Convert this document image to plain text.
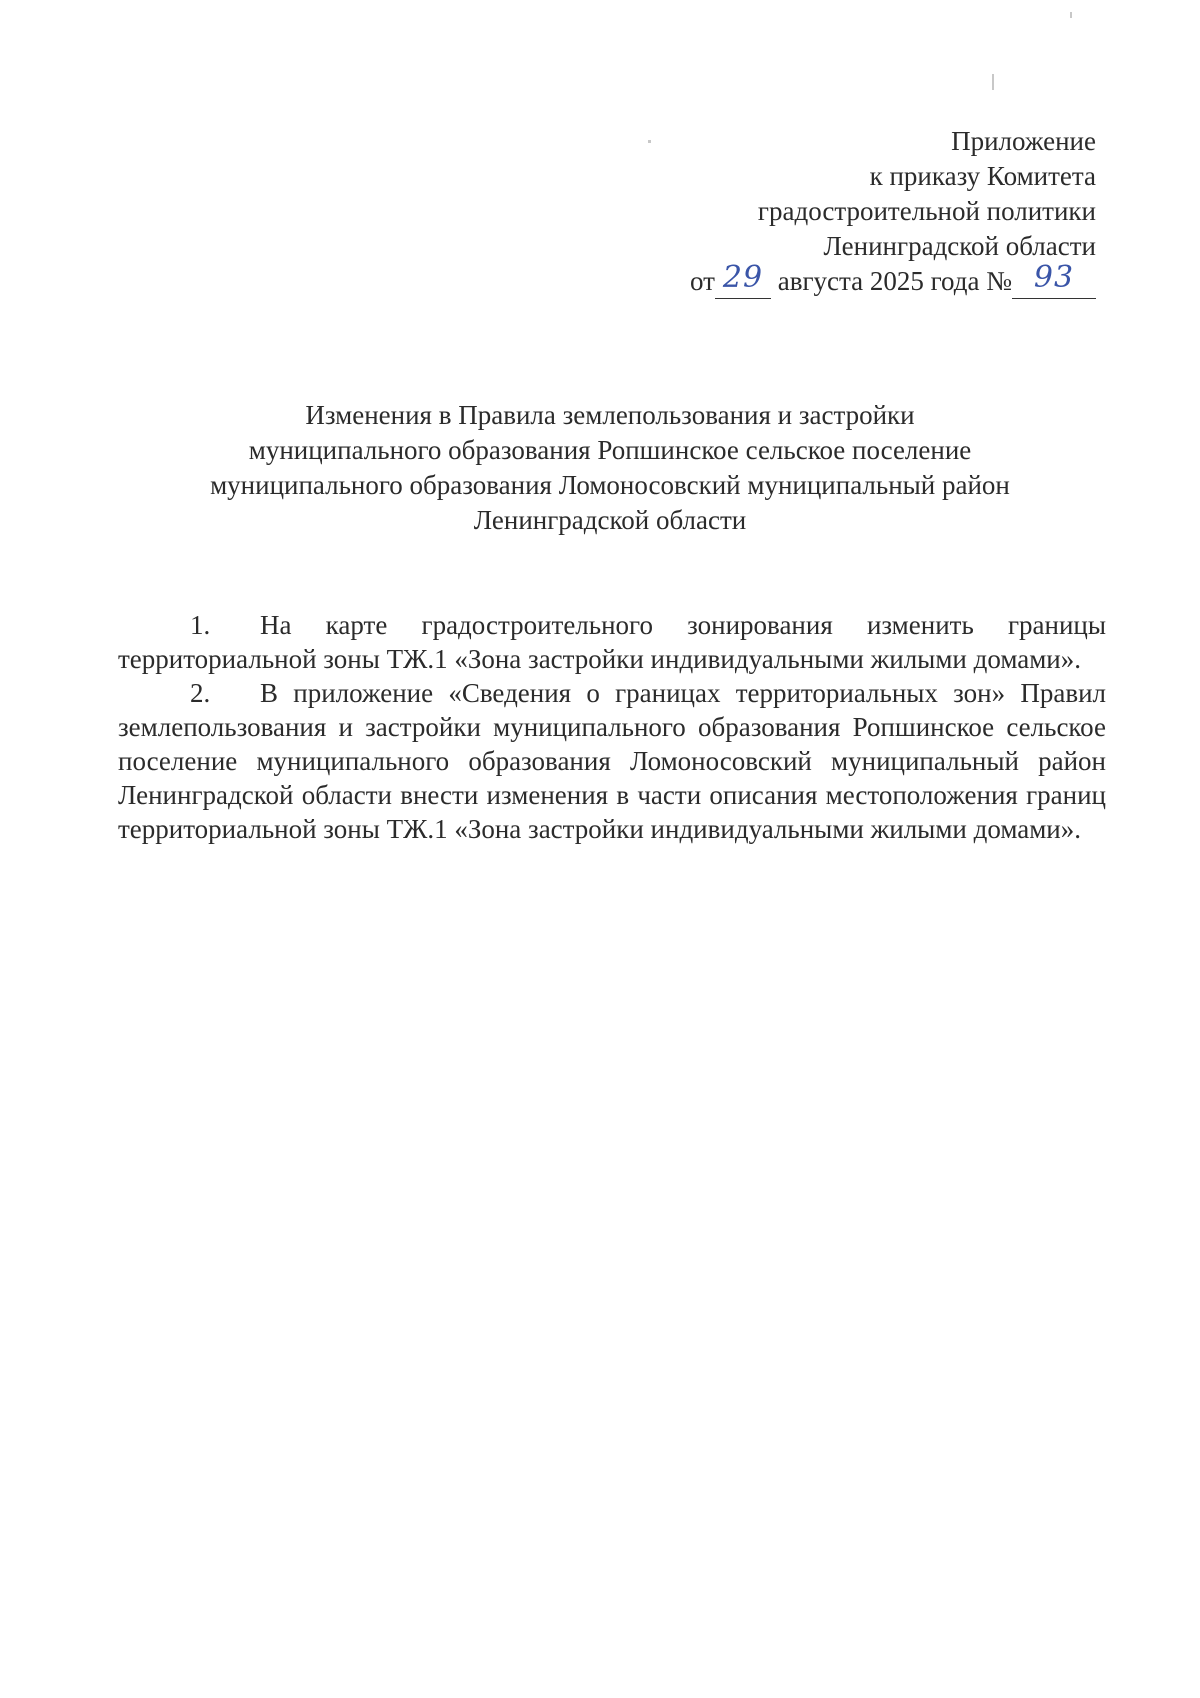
Приложение
к приказу Комитета
градостроительной политики
Ленинградской области
от 29 августа 2025 года № 93
Изменения в Правила землепользования и застройки
муниципального образования Ропшинское сельское поселение
муниципального образования Ломоносовский муниципальный район
Ленинградской области

1. На карте градостроительного зонирования изменить границы территориальной зоны ТЖ.1 «Зона застройки индивидуальными жилыми домами».

2. В приложение «Сведения о границах территориальных зон» Правил землепользования и застройки муниципального образования Ропшинское сельское поселение муниципального образования Ломоносовский муниципальный район Ленинградской области внести изменения в части описания местоположения границ территориальной зоны ТЖ.1 «Зона застройки индивидуальными жилыми домами».
